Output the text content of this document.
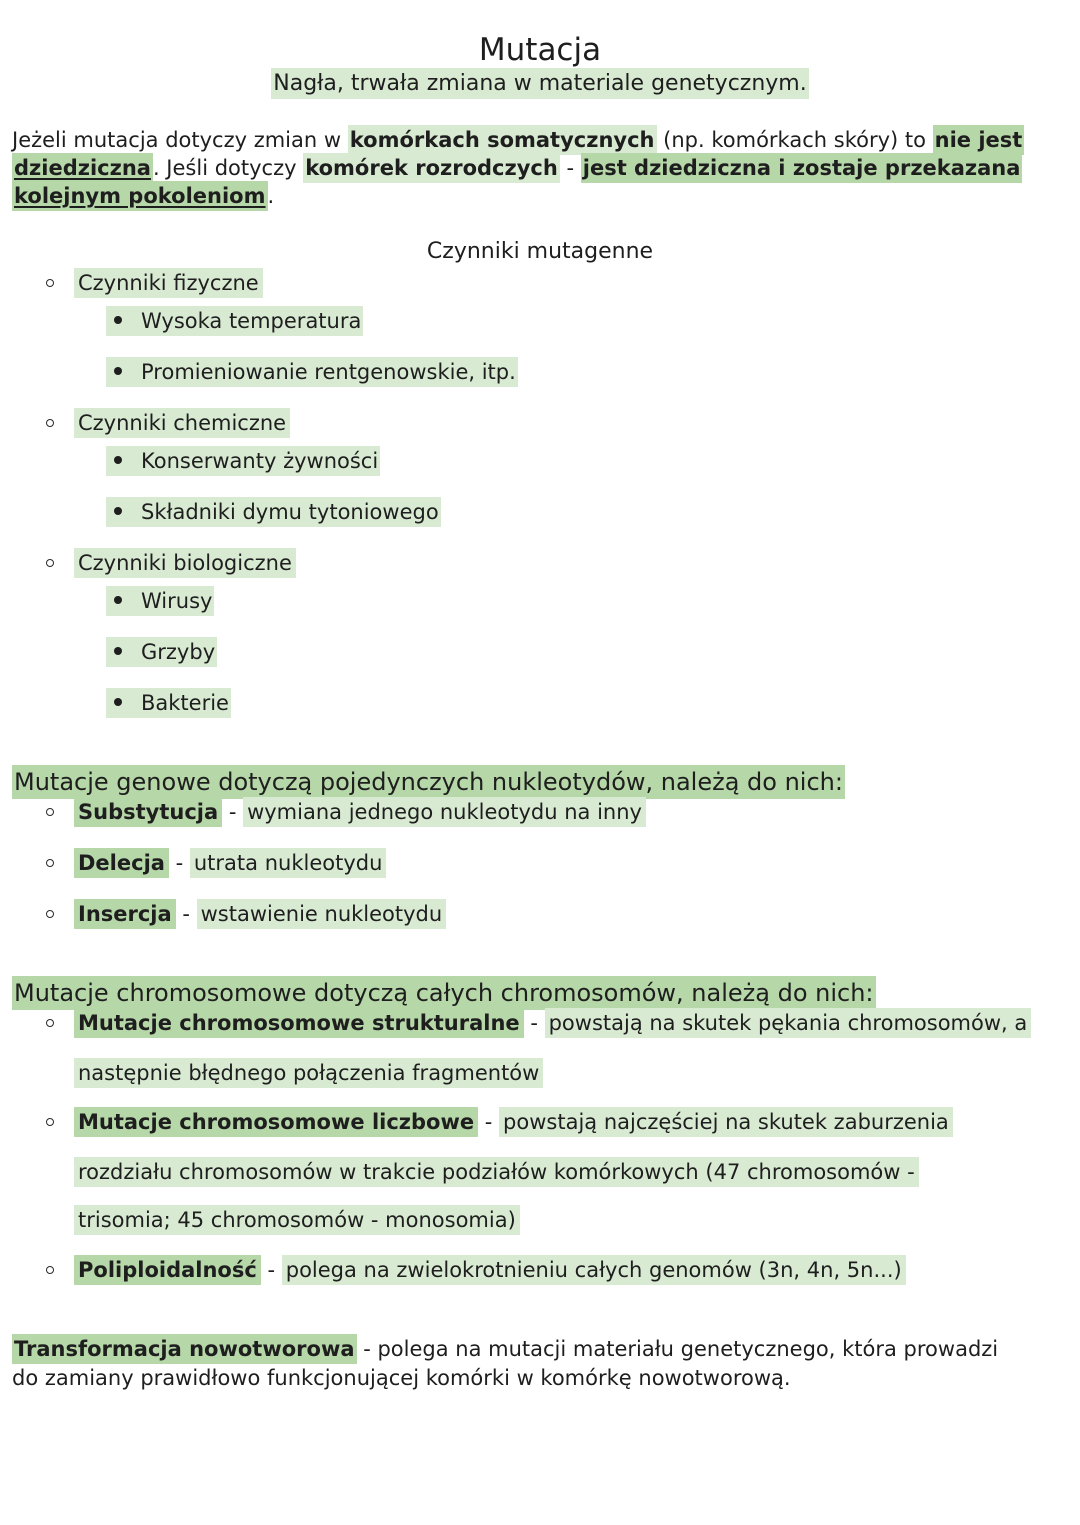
Mutacja
Nagła, trwała zmiana w materiale genetycznym.
Jeżeli mutacja dotyczy zmian w komórkach somatycznych (np. komórkach skóry) to nie jest
dziedziczna. Jeśli dotyczy komórek rozrodczych - jest dziedziczna i zostaje przekazana
kolejnym pokoleniom.
Czynniki mutagenne
Czynniki fizyczne
Wysoka temperatura
Promieniowanie rentgenowskie, itp.
Czynniki chemiczne
Konserwanty żywności
Składniki dymu tytoniowego
Czynniki biologiczne
Wirusy
Grzyby
Bakterie
Mutacje genowe dotyczą pojedynczych nukleotydów, należą do nich:
Substytucja - wymiana jednego nukleotydu na inny
Delecja - utrata nukleotydu
Insercja - wstawienie nukleotydu
Mutacje chromosomowe dotyczą całych chromosomów, należą do nich:
Mutacje chromosomowe strukturalne - powstają na skutek pękania chromosomów, a
następnie błędnego połączenia fragmentów
Mutacje chromosomowe liczbowe - powstają najczęściej na skutek zaburzenia
rozdziału chromosomów w trakcie podziałów komórkowych (47 chromosomów -
trisomia; 45 chromosomów - monosomia)
Poliploidalność - polega na zwielokrotnieniu całych genomów (3n, 4n, 5n...)
Transformacja nowotworowa - polega na mutacji materiału genetycznego, która prowadzi
do zamiany prawidłowo funkcjonującej komórki w komórkę nowotworową.
